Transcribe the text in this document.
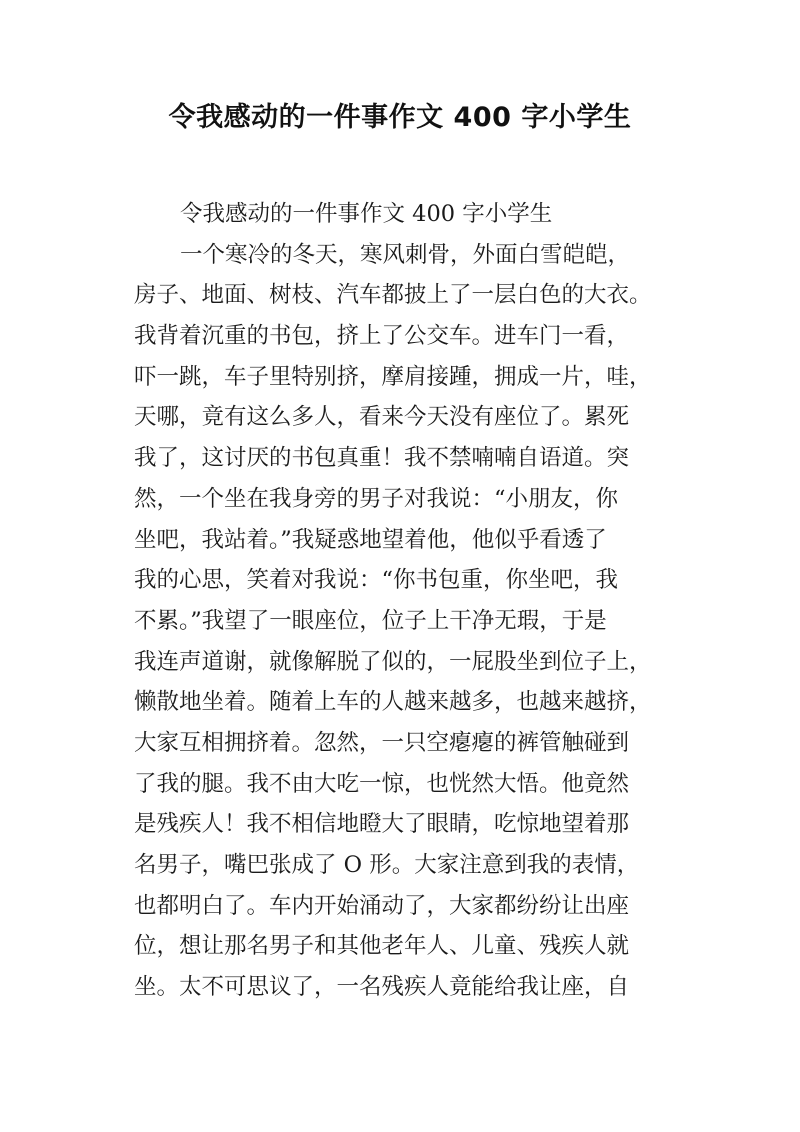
令我感动的一件事作文 400 字小学生
令我感动的一件事作文 400 字小学生
一个寒冷的冬天，寒风刺骨，外面白雪皑皑，
房子、地面、树枝、汽车都披上了一层白色的大衣。
我背着沉重的书包，挤上了公交车。进车门一看，
吓一跳，车子里特别挤，摩肩接踵，拥成一片，哇，
天哪，竟有这么多人，看来今天没有座位了。累死
我了，这讨厌的书包真重！我不禁喃喃自语道。突
然，一个坐在我身旁的男子对我说：“小朋友，你
坐吧，我站着。”我疑惑地望着他，他似乎看透了
我的心思，笑着对我说：“你书包重，你坐吧，我
不累。”我望了一眼座位，位子上干净无瑕，于是
我连声道谢，就像解脱了似的，一屁股坐到位子上，
懒散地坐着。随着上车的人越来越多，也越来越挤，
大家互相拥挤着。忽然，一只空瘪瘪的裤管触碰到
了我的腿。我不由大吃一惊，也恍然大悟。他竟然
是残疾人！我不相信地瞪大了眼睛，吃惊地望着那
名男子，嘴巴张成了 O 形。大家注意到我的表情，
也都明白了。车内开始涌动了，大家都纷纷让出座
位，想让那名男子和其他老年人、儿童、残疾人就
坐。太不可思议了，一名残疾人竟能给我让座，自
